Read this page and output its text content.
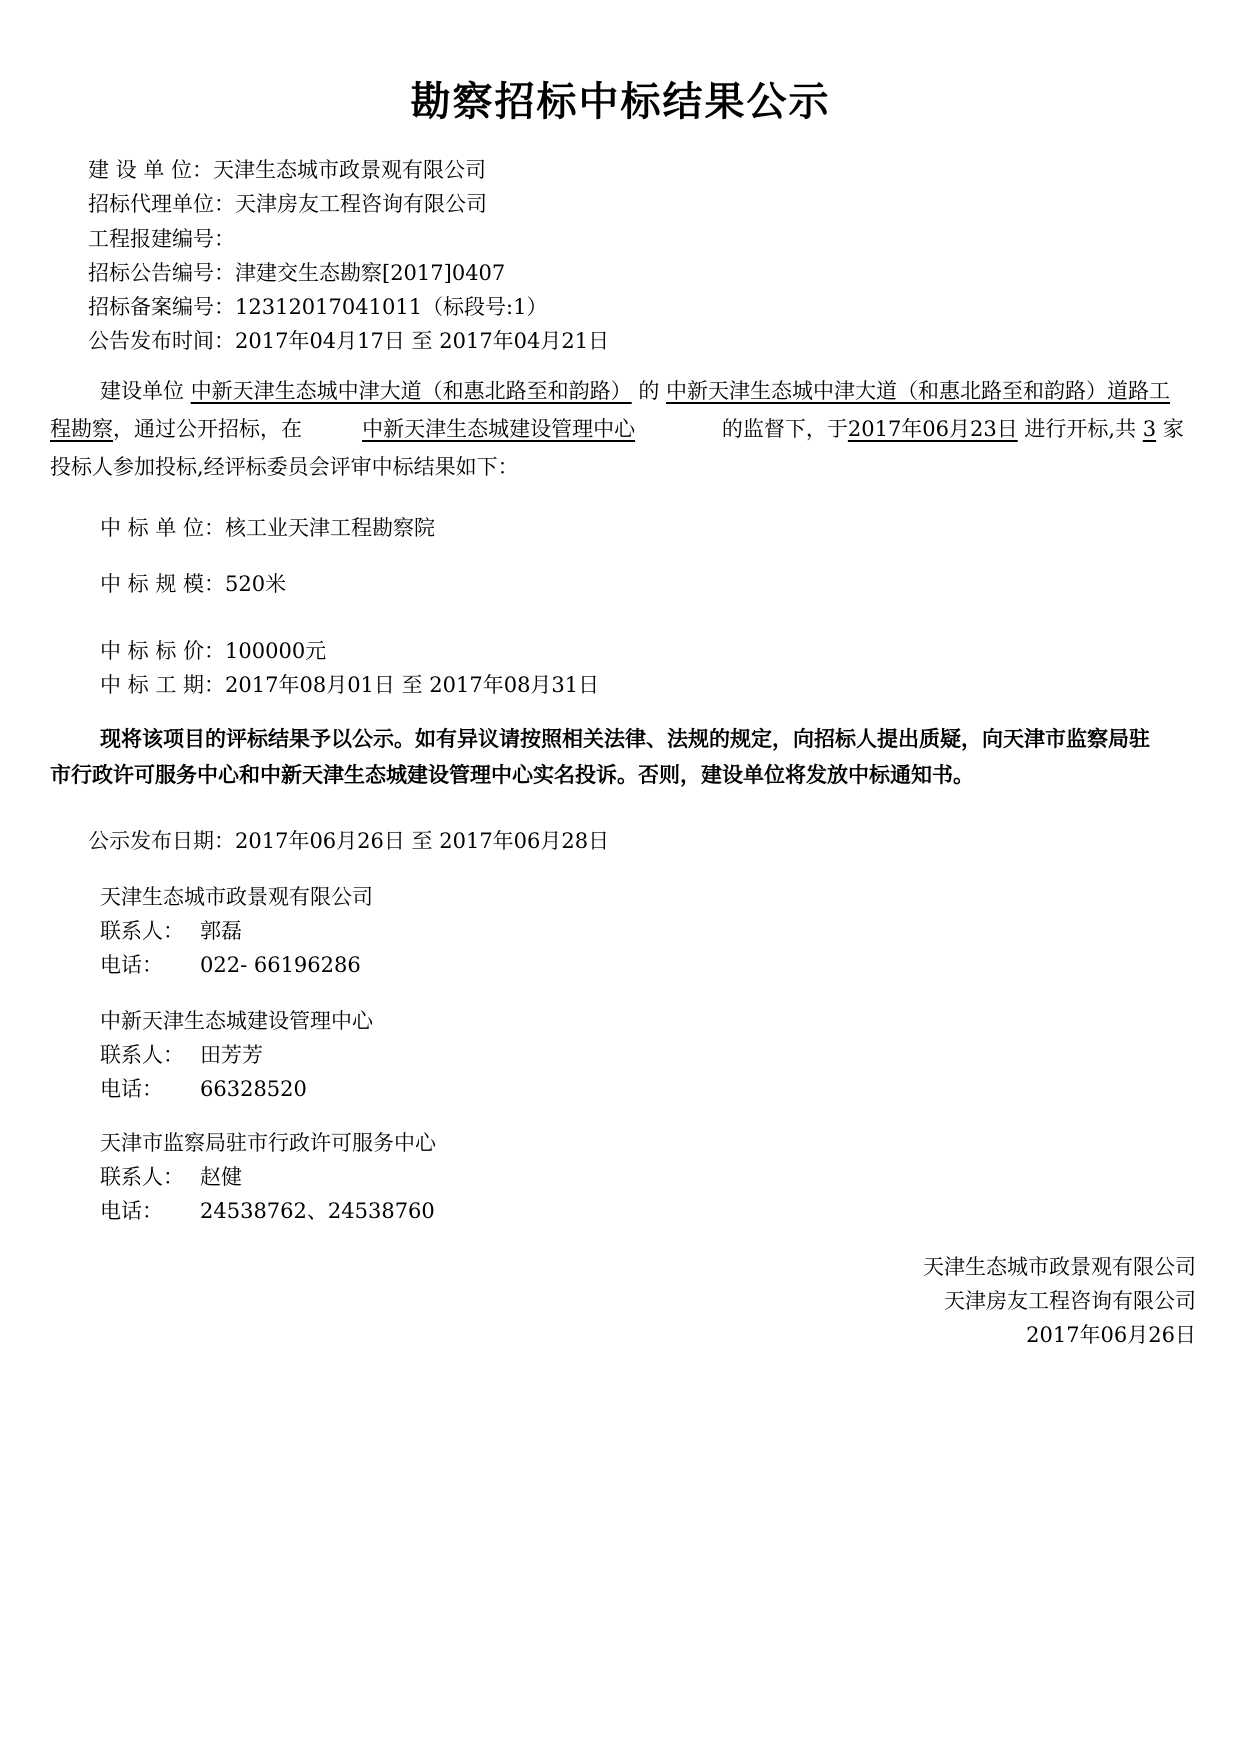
勘察招标中标结果公示
建 设 单 位：天津生态城市政景观有限公司
招标代理单位：天津房友工程咨询有限公司
工程报建编号：
招标公告编号：津建交生态勘察[2017]0407
招标备案编号：12312017041011（标段号:1）
公告发布时间：2017年04月17日 至 2017年04月21日
建设单位 中新天津生态城中津大道（和惠北路至和韵路） 的 中新天津生态城中津大道（和惠北路至和韵路）道路工程勘察，通过公开招标，在	中新天津生态城建设管理中心	的监督下，于2017年06月23日 进行开标,共 3 家投标人参加投标,经评标委员会评审中标结果如下：
中 标 单 位：核工业天津工程勘察院
中 标 规 模：520米
中 标 标 价：100000元
中 标 工 期：2017年08月01日 至 2017年08月31日
现将该项目的评标结果予以公示。如有异议请按照相关法律、法规的规定，向招标人提出质疑，向天津市监察局驻市行政许可服务中心和中新天津生态城建设管理中心实名投诉。否则，建设单位将发放中标通知书。
公示发布日期：2017年06月26日 至 2017年06月28日
天津生态城市政景观有限公司
联系人： 郭磊
电话： 022- 66196286
中新天津生态城建设管理中心
联系人： 田芳芳
电话： 66328520
天津市监察局驻市行政许可服务中心
联系人： 赵健
电话： 24538762、24538760
天津生态城市政景观有限公司
天津房友工程咨询有限公司
2017年06月26日
